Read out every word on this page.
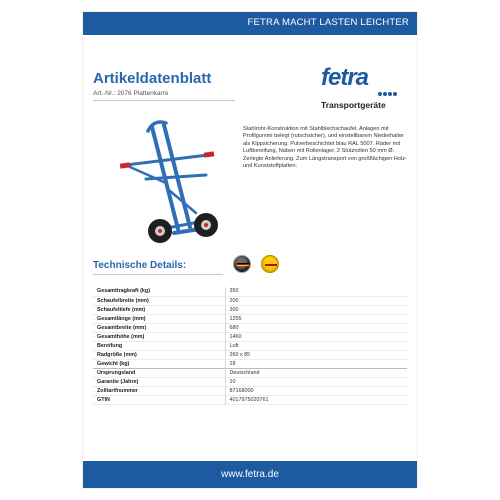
FETRA MACHT LASTEN LEICHTER
Artikeldatenblatt
Art.-Nr.: 2076 Plattenkarre
fetra
Transportgeräte
Stahlrohr-Konstruktion mit Stahlblechschaufel, Anlagen mit Profilgummi belegt (rutschsicher), und einstellbarem Niederhalter als Kippsicherung. Pulverbeschichtet blau RAL 5007. Räder mit Luftbereifung, Naben mit Rollenlager. 2 Stützrollen 50 mm Ø. Zerlegte Anlieferung. Zum Längstransport von großflächigen Holz- und Kunststoffplatten.
Technische Details:
Gesamttragkraft (kg)	350
Schaufelbreite (mm)	200
Schaufeltiefe (mm)	300
Gesamtlänge (mm)	1255
Gesamtbreite (mm)	680
Gesamthöhe (mm)	1460
Bereifung	Luft
Radgröße (mm)	260 x 85
Gewicht (kg)	18
Ursprungsland	Deutschland
Garantie (Jahre)	10
Zolltarifnummer	87168000
GTIN	4017975020761
www.fetra.de
